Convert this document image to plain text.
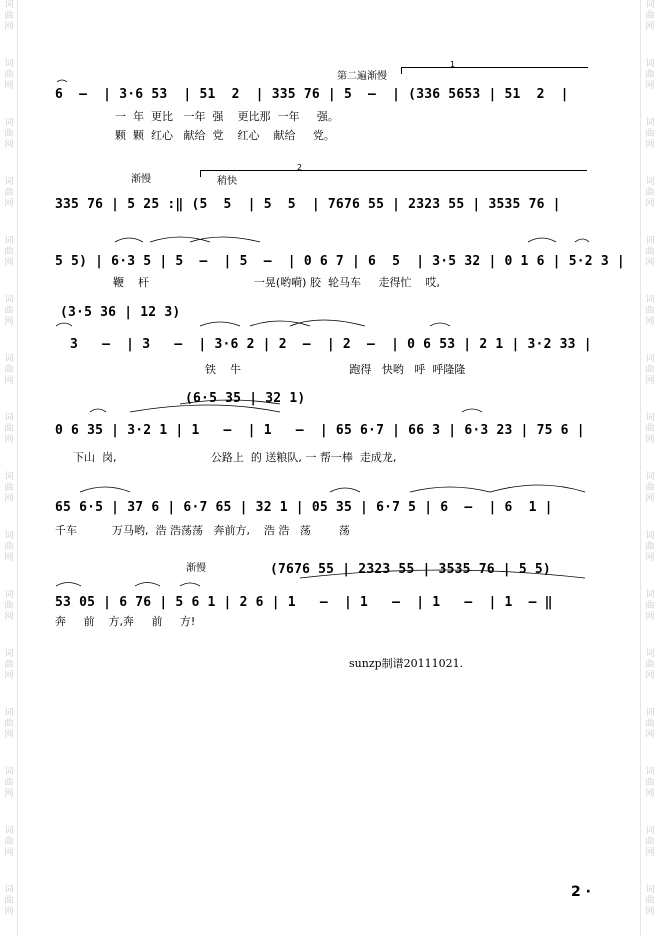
词曲网
词曲网
词曲网
词曲网
词曲网
词曲网
词曲网
词曲网
词曲网
词曲网
词曲网
词曲网
词曲网
词曲网
词曲网
词曲网
词曲网
词曲网
词曲网
词曲网
词曲网
词曲网
词曲网
词曲网
词曲网
词曲网
词曲网
词曲网
词曲网
词曲网
词曲网
词曲网
第二遍渐慢
1
6  –  | 3·6 53  | 51  2  | 335 76 | 5  –  | (336 5653 | 51  2  |
一  年  更比   一年  强    更比那  一年     强。
颗  颗  红心   献给  党    红心    献给     党。
渐慢
2
稍快
335 76 | 5 25 :‖ (5  5  | 5  5  | 7676 55 | 2323 55 | 3535 76 |
5 5) | 6·3 5 | 5  –  | 5  –  | 0 6 7 | 6  5  | 3·5 32 | 0 1 6 | 5·2 3 |
鞭    杆                              一晃(哟嗬) 胶  轮马车     走得忙    哎,
(3·5 36 | 12 3)
3   –  | 3   –  | 3·6 2 | 2  –  | 2  –  | 0 6 53 | 2 1 | 3·2 33 |
铁    牛                               跑得   快哟   呼  呼隆隆
(6·5 35 | 32 1)
0 6 35 | 3·2 1 | 1   –  | 1   –  | 65 6·7 | 66 3 | 6·3 23 | 75 6 |
下山  岗,                           公路上  的 送粮队, 一 帮一棒  走成龙,
65 6·5 | 37 6 | 6·7 65 | 32 1 | 05 35 | 6·7 5 | 6  –  | 6  1 |
千车          万马哟,  浩 浩荡荡   奔前方,    浩 浩   荡        荡
渐慢	(7676 55 | 2323 55 | 3535 76 | 5 5)
53 05 | 6 76 | 5 6 1 | 2 6 | 1   –  | 1   –  | 1   –  | 1  – ‖
奔     前    方,奔     前     方!
sunzp制谱20111021.
2 ·
